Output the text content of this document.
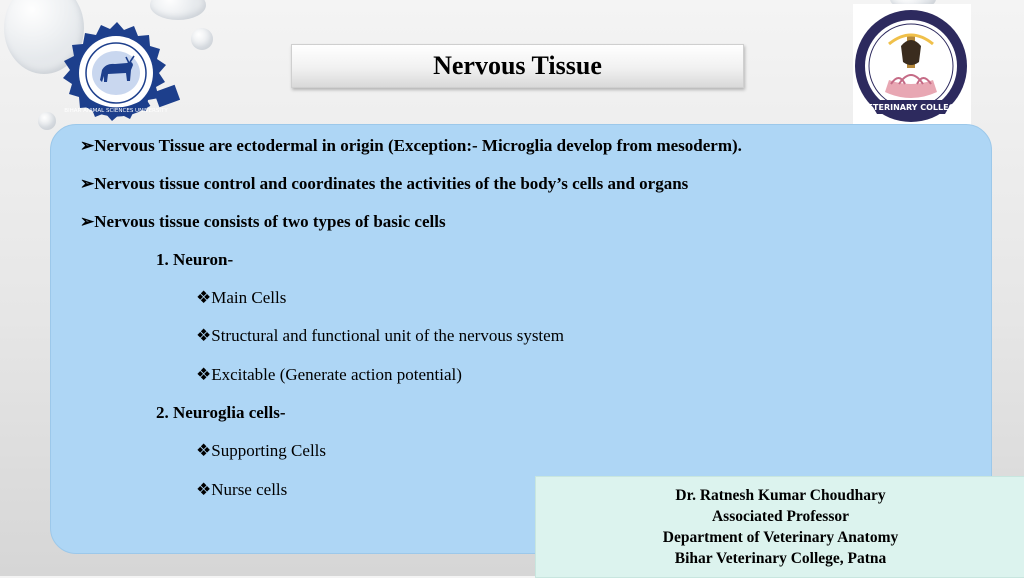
BIHAR ANIMAL SCIENCES UNIVERSITY	VETERINARY COLLEGE
Nervous Tissue
➢Nervous Tissue are ectodermal in origin (Exception:- Microglia develop from mesoderm).
➢Nervous tissue control and coordinates the activities of the body’s cells and organs
➢Nervous tissue consists of two types of basic cells
1. Neuron-
❖Main Cells
❖Structural and functional unit of the nervous system
❖Excitable (Generate action potential)
2. Neuroglia cells-
❖Supporting Cells
❖Nurse cells	Dr. Ratnesh Kumar Choudhary
Associated Professor
Department of Veterinary Anatomy
Bihar Veterinary College, Patna
